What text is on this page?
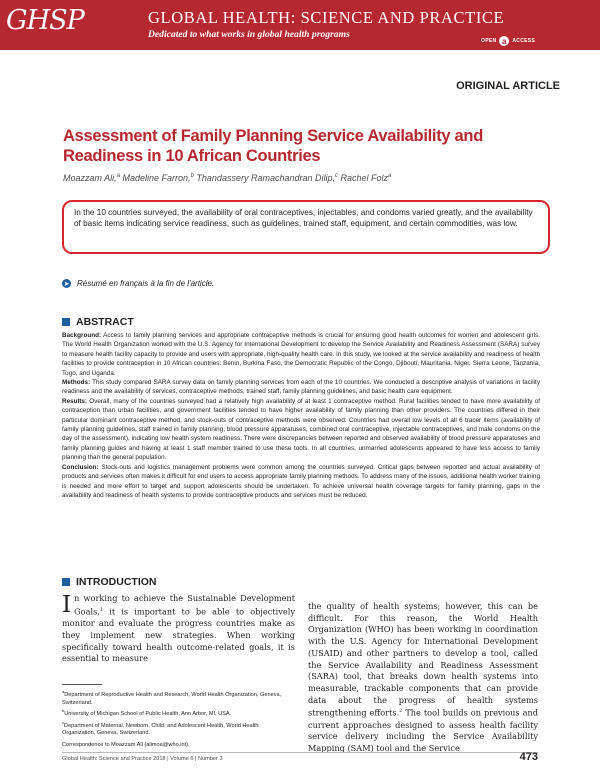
GHSP	GLOBAL HEALTH: SCIENCE AND PRACTICE
Dedicated to what works in global health programs
OPEN a	ACCESS
ORIGINAL ARTICLE
Assessment of Family Planning Service Availability and Readiness in 10 African Countries
Moazzam Ali,$^a$ Madeline Farron,$^b$ Thandassery Ramachandran Dilip,$^c$ Rachel Folz$^a$
In the 10 countries surveyed, the availability of oral contraceptives, injectables, and condoms varied greatly, and the availability of basic items indicating service readiness, such as guidelines, trained staff, equipment, and certain commodities, was low.
➤ Résumé en français à la fin de l'article.
ABSTRACT

Background: Access to family planning services and appropriate contraceptive methods is crucial for ensuring good health outcomes for women and adolescent girls. The World Health Organization worked with the U.S. Agency for International Development to develop the Service Availability and Readiness Assessment (SARA) survey to measure health facility capacity to provide and users with appropriate, high-quality health care. In this study, we looked at the service availability and readiness of health facilities to provide contraception in 10 African countries: Benin, Burkina Faso, the Democratic Republic of the Congo, Djibouti, Mauritania, Niger, Sierra Leone, Tanzania, Togo, and Uganda.

Methods: This study compared SARA survey data on family planning services from each of the 10 countries. We conducted a descriptive analysis of variations in facility readiness and the availability of services, contraceptive methods, trained staff, family planning guidelines, and basic health care equipment.

Results: Overall, many of the countries surveyed had a relatively high availability of at least 1 contraceptive method. Rural facilities tended to have more availability of contraception than urban facilities, and government facilities tended to have higher availability of family planning than other providers. The countries differed in their particular dominant contraceptive method, and stock-outs of contraceptive methods were observed. Countries had overall low levels of all 6 tracer items (availability of family planning guidelines, staff trained in family planning, blood pressure apparatuses, combined oral contraceptive, injectable contraceptives, and male condoms on the day of the assessment), indicating low health system readiness. There were discrepancies between reported and observed availability of blood pressure apparatuses and family planning guides and having at least 1 staff member trained to use these tools. In all countries, unmarried adolescents appeared to have less access to family planning than the general population.

Conclusion: Stock-outs and logistics management problems were common among the countries surveyed. Critical gaps between reported and actual availability of products and services often makes it difficult for end users to access appropriate family planning methods. To address many of the issues, additional health worker training is needed and more effort to target and support adolescents should be undertaken. To achieve universal health coverage targets for family planning, gaps in the availability and readiness of health systems to provide contraceptive products and services must be reduced.

INTRODUCTION

In working to achieve the Sustainable Development Goals,$^1$ it is important to be able to objectively monitor and evaluate the progress countries make as they implement new strategies. When working specifically toward health outcome-related goals, it is essential to measure

the quality of health systems; however, this can be difficult. For this reason, the World Health Organization (WHO) has been working in coordination with the U.S. Agency for International Development (USAID) and other partners to develop a tool, called the Service Availability and Readiness Assessment (SARA) tool, that breaks down health systems into measurable, trackable components that can provide data about the progress of health systems strengthening efforts.$^2$ The tool builds on previous and current approaches designed to assess health facility service delivery including the Service Availability Mapping (SAM) tool and the Service

$^a$Department of Reproductive Health and Research, World Health Organization, Geneva, Switzerland.
$^b$University of Michigan School of Public Health, Ann Arbor, MI, USA.
$^c$Department of Maternal, Newborn, Child, and Adolescent Health, World Health Organization, Geneva, Switzerland.
Correspondence to Moazzam Ali (alimoa@who.int).
Global Health: Science and Practice 2018 | Volume 6 | Number 3	473
